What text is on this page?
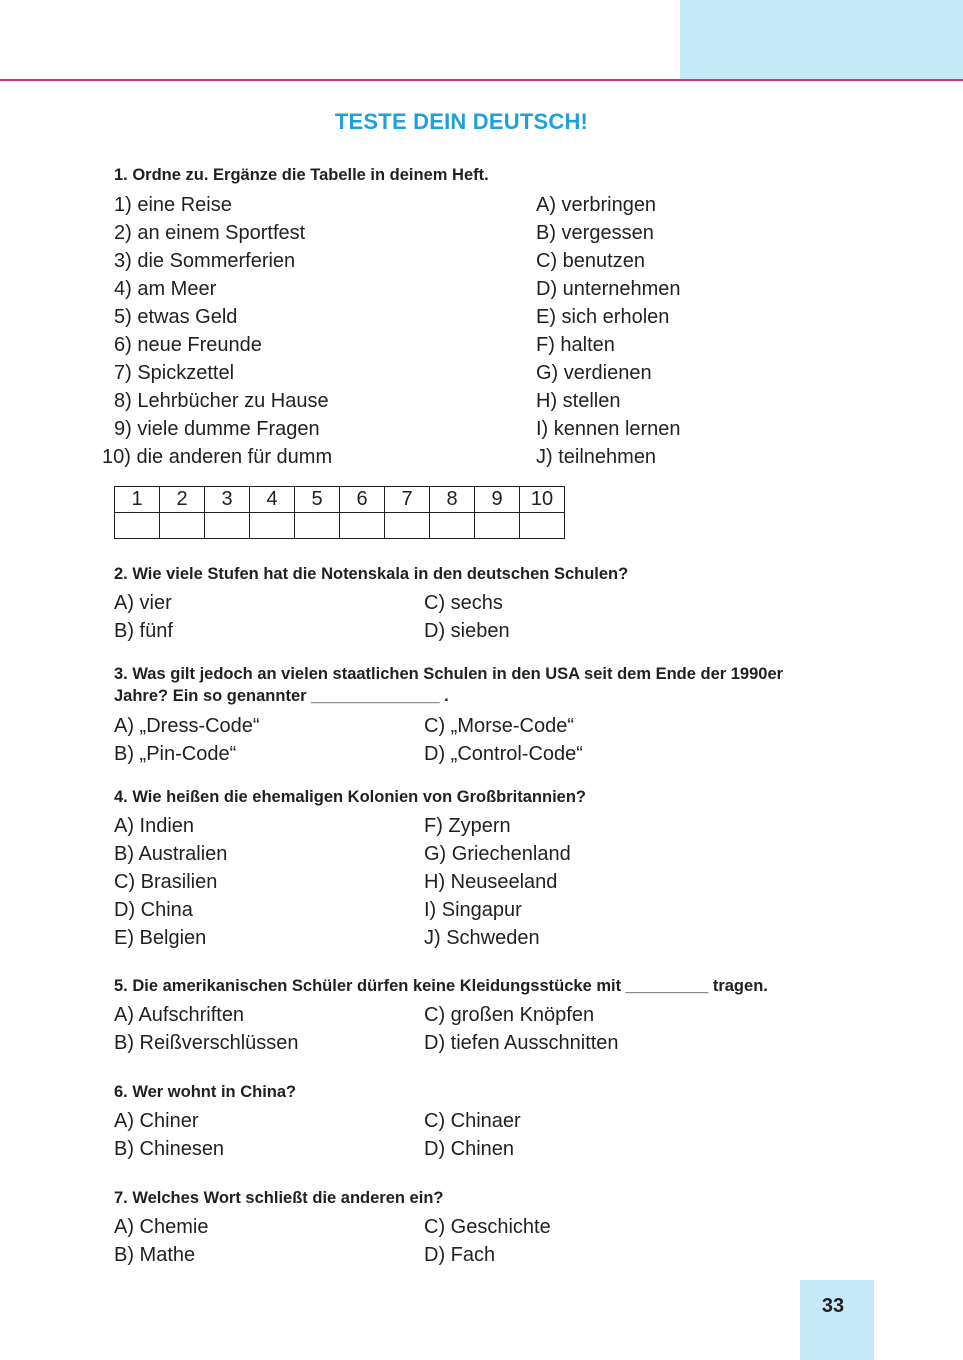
TESTE DEIN DEUTSCH!
1. Ordne zu. Ergänze die Tabelle in deinem Heft.
1) eine Reise
2) an einem Sportfest
3) die Sommerferien
4) am Meer
5) etwas Geld
6) neue Freunde
7) Spickzettel
8) Lehrbücher zu Hause
9) viele dumme Fragen
10) die anderen für dumm
A) verbringen
B) vergessen
C) benutzen
D) unternehmen
E) sich erholen
F) halten
G) verdienen
H) stellen
I) kennen lernen
J) teilnehmen
1	2	3	4	5	6	7	8	9	10

2. Wie viele Stufen hat die Notenskala in den deutschen Schulen?
A) vier
B) fünf
C) sechs
D) sieben
3. Was gilt jedoch an vielen staatlichen Schulen in den USA seit dem Ende der 1990er
Jahre? Ein so genannter ______________ .
A) „Dress-Code“
B) „Pin-Code“
C) „Morse-Code“
D) „Control-Code“
4. Wie heißen die ehemaligen Kolonien von Großbritannien?
A) Indien
B) Australien
C) Brasilien
D) China
E) Belgien
F) Zypern
G) Griechenland
H) Neuseeland
I) Singapur
J) Schweden
5. Die amerikanischen Schüler dürfen keine Kleidungsstücke mit _________ tragen.
A) Aufschriften
B) Reißverschlüssen
C) großen Knöpfen
D) tiefen Ausschnitten
6. Wer wohnt in China?
A) Chiner
B) Chinesen
C) Chinaer
D) Chinen
7. Welches Wort schließt die anderen ein?
A) Chemie
B) Mathe
C) Geschichte
D) Fach
33
